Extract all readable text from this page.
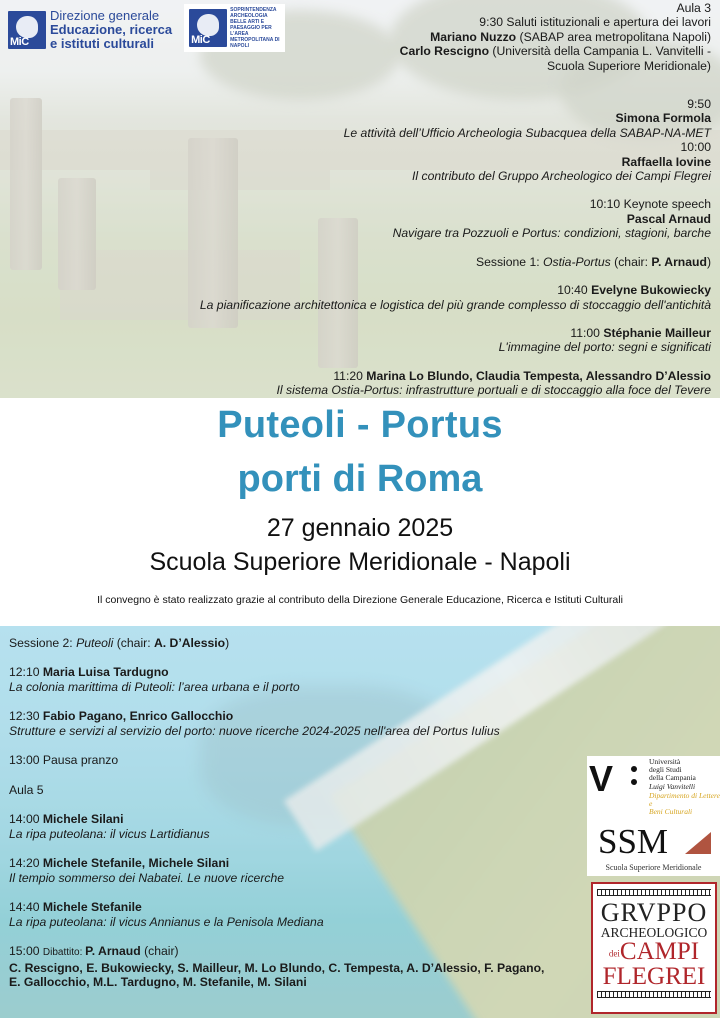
MiC
Direzione generale
Educazione, ricerca
e istituti culturali	MiC
SOPRINTENDENZA ARCHEOLOGIA BELLE ARTI E PAESAGGIO PER L'AREA METROPOLITANA DI NAPOLI
Aula 3
9:30 Saluti istituzionali e apertura dei lavori
Mariano Nuzzo (SABAP area metropolitana Napoli)
Carlo Rescigno (Università della Campania L. Vanvitelli -
Scuola Superiore Meridionale)
9:50
Simona Formola
Le attività dell’Ufficio Archeologia Subacquea della SABAP-NA-MET
10:00
Raffaella Iovine
Il contributo del Gruppo Archeologico dei Campi Flegrei
10:10 Keynote speech
Pascal Arnaud
Navigare tra Pozzuoli e Portus: condizioni, stagioni, barche
Sessione 1: Ostia-Portus (chair: P. Arnaud)
10:40 Evelyne Bukowiecky
La pianificazione architettonica e logistica del più grande complesso di stoccaggio dell'antichità
11:00 Stéphanie Mailleur
L'immagine del porto: segni e significati
11:20 Marina Lo Blundo, Claudia Tempesta, Alessandro D’Alessio
Il sistema Ostia-Portus: infrastrutture portuali e di stoccaggio alla foce del Tevere
Puteoli - Portus
porti di Roma
27 gennaio 2025
Scuola Superiore Meridionale - Napoli
Il convegno è stato realizzato grazie al contributo della Direzione Generale Educazione, Ricerca e Istituti Culturali
Sessione 2: Puteoli (chair: A. D’Alessio)
12:10 Maria Luisa Tardugno
La colonia marittima di Puteoli: l’area urbana e il porto
12:30 Fabio Pagano, Enrico Gallocchio
Strutture e servizi al servizio del porto: nuove ricerche 2024-2025 nell'area del Portus Iulius
13:00 Pausa pranzo
Aula 5
14:00 Michele Silani
La ripa puteolana: il vicus Lartidianus
14:20 Michele Stefanile, Michele Silani
Il tempio sommerso dei Nabatei. Le nuove ricerche
14:40 Michele Stefanile
La ripa puteolana: il vicus Annianus e la Penisola Mediana
15:00 Dibattito: P. Arnaud (chair)
C. Rescigno, E. Bukowiecky, S. Mailleur, M. Lo Blundo, C. Tempesta, A. D’Alessio, F. Pagano,
E. Gallocchio, M.L. Tardugno, M. Stefanile, M. Silani
V	Università
degli Studi
della Campania
Luigi Vanvitelli
Dipartimento di Lettere e
Beni Culturali
SSM
Scuola Superiore Meridionale
GRVPPO
ARCHEOLOGICO
deiCAMPI
FLEGREI
